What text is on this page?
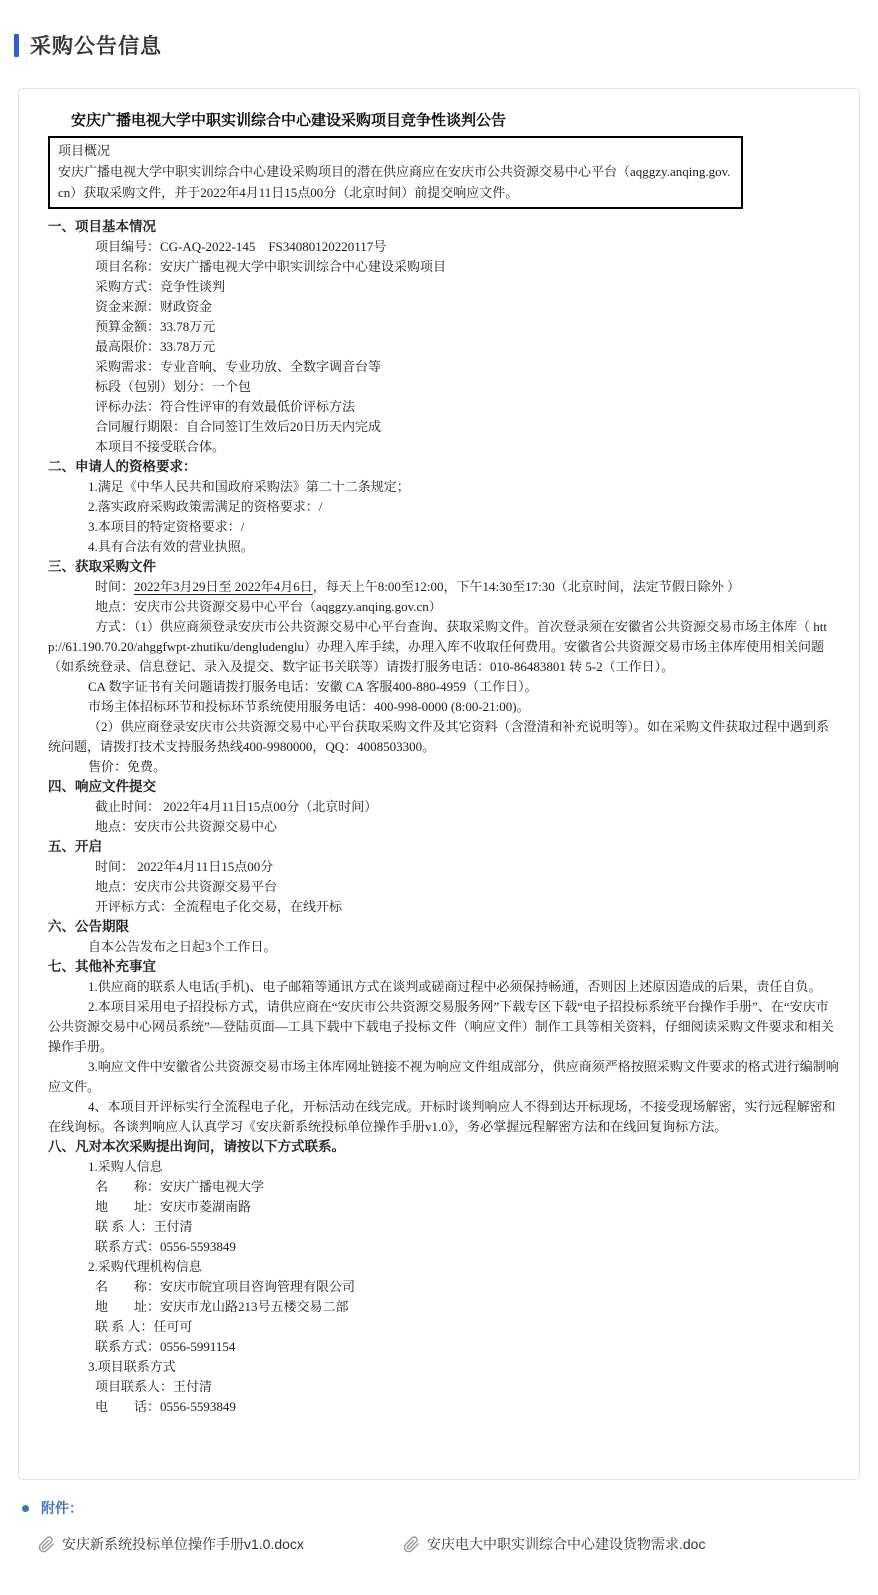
采购公告信息
安庆广播电视大学中职实训综合中心建设采购项目竞争性谈判公告
项目概况
安庆广播电视大学中职实训综合中心建设采购项目的潜在供应商应在安庆市公共资源交易中心平台（aqggzy.anqing.gov.cn）获取采购文件，并于2022年4月11日15点00分（北京时间）前提交响应文件。
一、项目基本情况
项目编号：CG-AQ-2022-145    FS34080120220117号
项目名称：安庆广播电视大学中职实训综合中心建设采购项目
采购方式：竞争性谈判
资金来源：财政资金
预算金额：33.78万元
最高限价：33.78万元
采购需求：专业音响、专业功放、全数字调音台等
标段（包别）划分：一个包
评标办法：符合性评审的有效最低价评标方法
合同履行期限：自合同签订生效后20日历天内完成
本项目不接受联合体。
二、申请人的资格要求：
1.满足《中华人民共和国政府采购法》第二十二条规定；
2.落实政府采购政策需满足的资格要求：/
3.本项目的特定资格要求：/
4.具有合法有效的营业执照。
三、获取采购文件
时间：2022年3月29日至 2022年4月6日，每天上午8:00至12:00，下午14:30至17:30（北京时间，法定节假日除外 ）
地点：安庆市公共资源交易中心平台（aqggzy.anqing.gov.cn）
方式：（1）供应商须登录安庆市公共资源交易中心平台查询、获取采购文件。首次登录须在安徽省公共资源交易市场主体库（ http://61.190.70.20/ahggfwpt-zhutiku/dengludenglu）办理入库手续，办理入库不收取任何费用。安徽省公共资源交易市场主体库使用相关问题（如系统登录、信息登记、录入及提交、数字证书关联等）请拨打服务电话：010-86483801 转 5-2（工作日）。
CA 数字证书有关问题请拨打服务电话：安徽 CA 客服400-880-4959（工作日）。
市场主体招标环节和投标环节系统使用服务电话：400-998-0000 (8:00-21:00)。
（2）供应商登录安庆市公共资源交易中心平台获取采购文件及其它资料（含澄清和补充说明等）。如在采购文件获取过程中遇到系统问题，请拨打技术支持服务热线400-9980000，QQ：4008503300。
售价：免费。
四、响应文件提交
截止时间： 2022年4月11日15点00分（北京时间）
地点：安庆市公共资源交易中心
五、开启
时间： 2022年4月11日15点00分
地点：安庆市公共资源交易平台
开评标方式：全流程电子化交易，在线开标
六、公告期限
自本公告发布之日起3个工作日。
七、其他补充事宜
1.供应商的联系人电话(手机)、电子邮箱等通讯方式在谈判或磋商过程中必须保持畅通，否则因上述原因造成的后果，责任自负。
2.本项目采用电子招投标方式，请供应商在“安庆市公共资源交易服务网”下载专区下载“电子招投标系统平台操作手册”、在“安庆市公共资源交易中心网员系统”—登陆页面—工具下载中下载电子投标文件（响应文件）制作工具等相关资料，仔细阅读采购文件要求和相关操作手册。
3.响应文件中安徽省公共资源交易市场主体库网址链接不视为响应文件组成部分，供应商须严格按照采购文件要求的格式进行编制响应文件。
4、本项目开评标实行全流程电子化，开标活动在线完成。开标时谈判响应人不得到达开标现场，不接受现场解密，实行远程解密和在线询标。各谈判响应人认真学习《安庆新系统投标单位操作手册v1.0》，务必掌握远程解密方法和在线回复询标方法。
八、凡对本次采购提出询问，请按以下方式联系。
1.采购人信息
名　　称：安庆广播电视大学
地　　址：安庆市菱湖南路
联 系 人：王付清
联系方式：0556-5593849
2.采购代理机构信息
名　　称：安庆市皖宜项目咨询管理有限公司
地　　址：安庆市龙山路213号五楼交易二部
联 系 人：任可可
联系方式：0556-5991154
3.项目联系方式
项目联系人：王付清
电　　话：0556-5593849
附件：
安庆新系统投标单位操作手册v1.0.docx	安庆电大中职实训综合中心建设货物需求.doc
